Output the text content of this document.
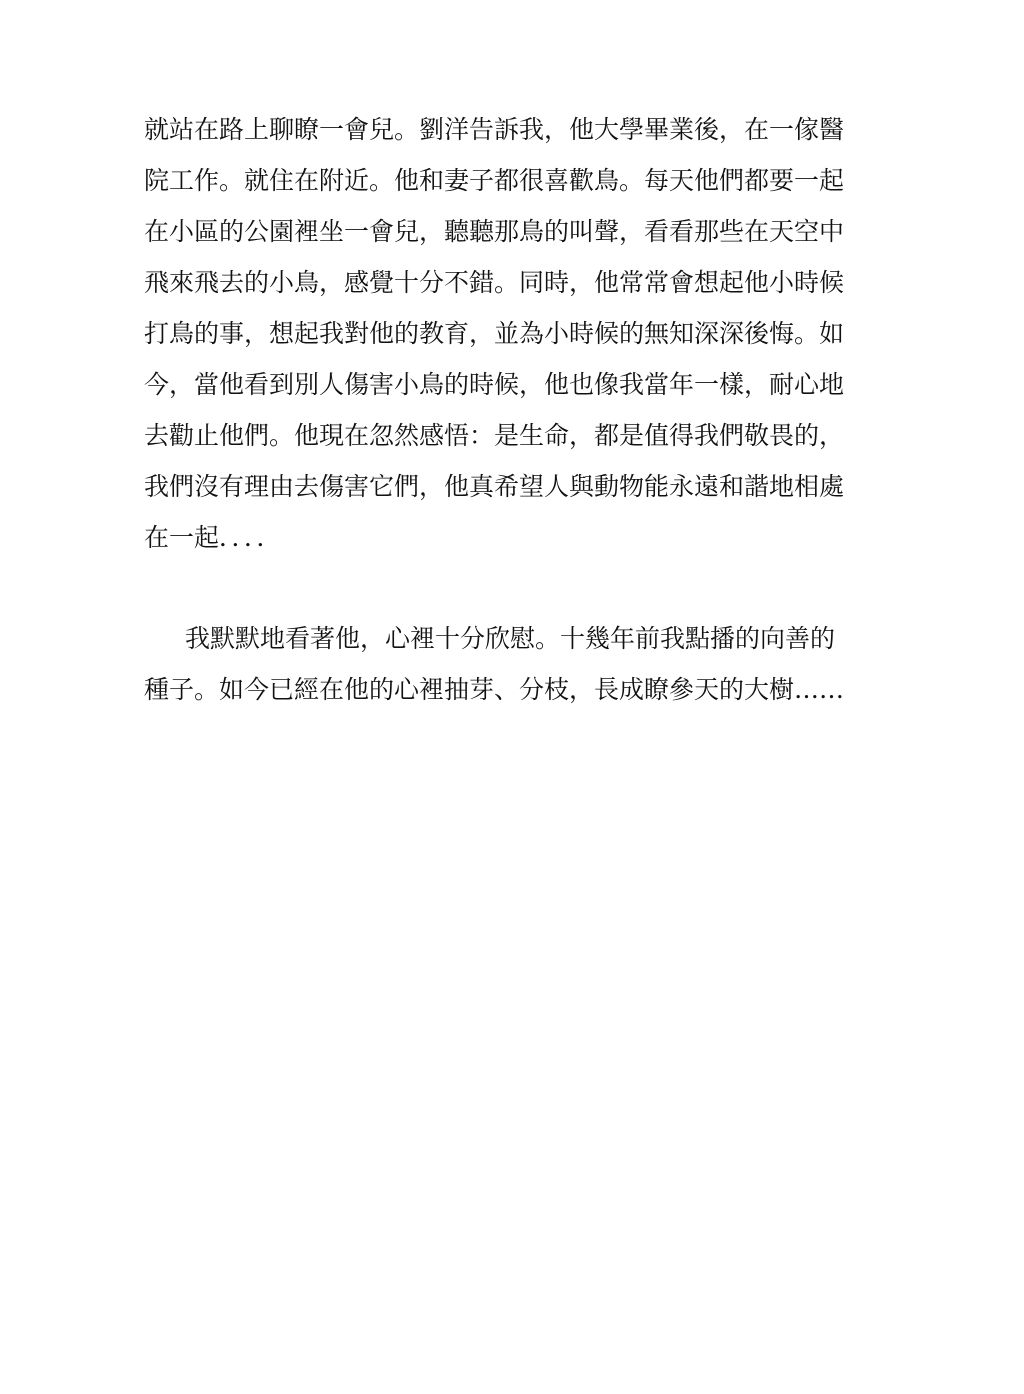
就站在路上聊瞭一會兒。劉洋告訴我，他大學畢業後，在一傢醫
院工作。就住在附近。他和妻子都很喜歡鳥。每天他們都要一起
在小區的公園裡坐一會兒，聽聽那鳥的叫聲，看看那些在天空中
飛來飛去的小鳥，感覺十分不錯。同時，他常常會想起他小時候
打鳥的事，想起我對他的教育，並為小時候的無知深深後悔。如
今，當他看到別人傷害小鳥的時候，他也像我當年一樣，耐心地
去勸止他們。他現在忽然感悟：是生命，都是值得我們敬畏的，
我們沒有理由去傷害它們，他真希望人與動物能永遠和諧地相處
在一起．．．．
我默默地看著他，心裡十分欣慰。十幾年前我點播的向善的
種子。如今已經在他的心裡抽芽、分枝，長成瞭參天的大樹……
